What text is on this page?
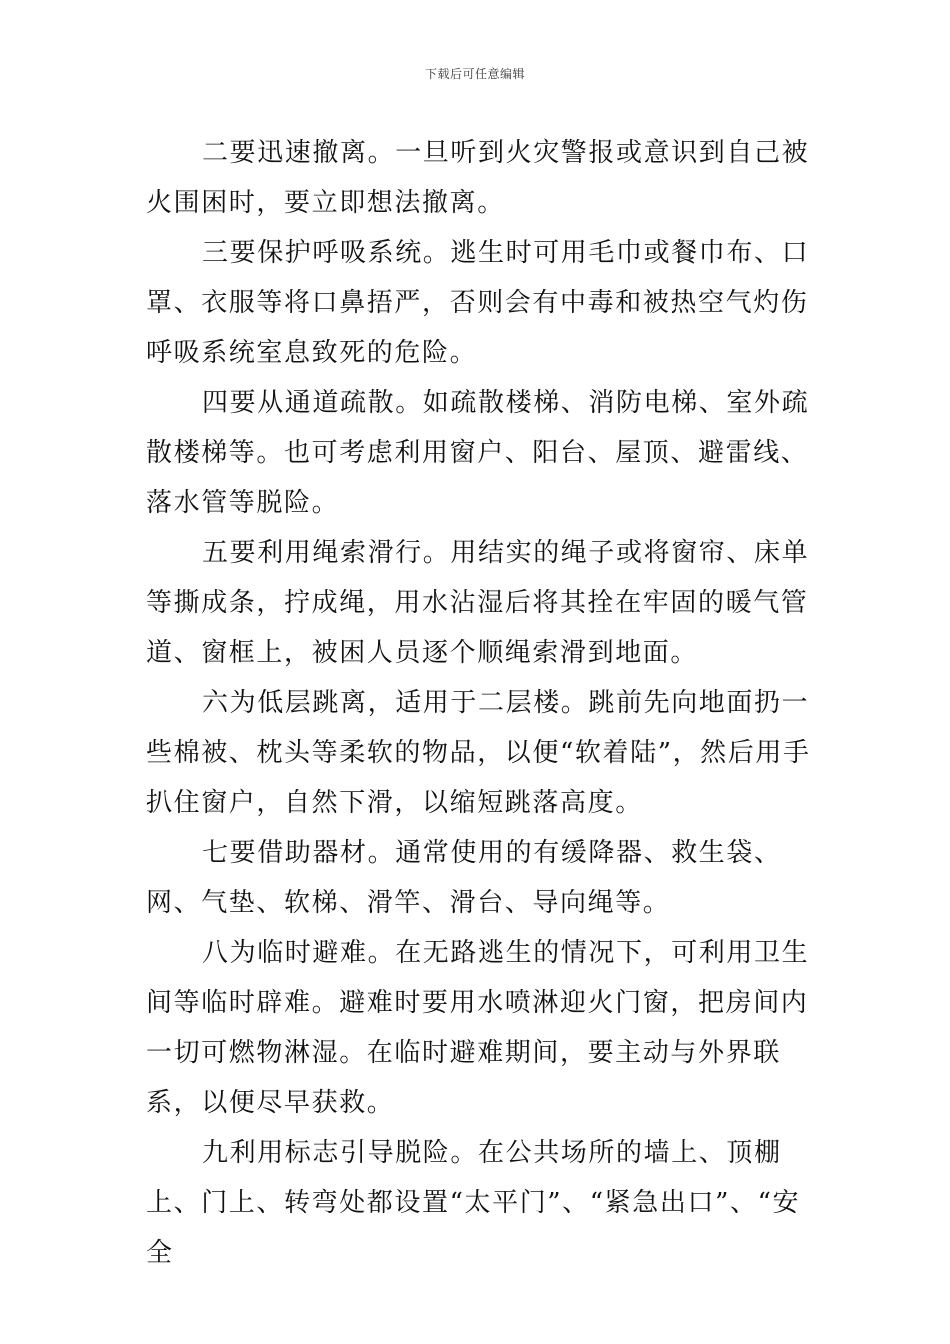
下载后可任意编辑

二要迅速撤离。一旦听到火灾警报或意识到自己被火围困时，要立即想法撤离。

三要保护呼吸系统。逃生时可用毛巾或餐巾布、口罩、衣服等将口鼻捂严，否则会有中毒和被热空气灼伤呼吸系统室息致死的危险。

四要从通道疏散。如疏散楼梯、消防电梯、室外疏散楼梯等。也可考虑利用窗户、阳台、屋顶、避雷线、落水管等脱险。

五要利用绳索滑行。用结实的绳子或将窗帘、床单等撕成条，拧成绳，用水沾湿后将其拴在牢固的暖气管道、窗框上，被困人员逐个顺绳索滑到地面。

六为低层跳离，适用于二层楼。跳前先向地面扔一些棉被、枕头等柔软的物品，以便“软着陆”，然后用手扒住窗户，自然下滑，以缩短跳落高度。

七要借助器材。通常使用的有缓降器、救生袋、网、气垫、软梯、滑竿、滑台、导向绳等。

八为临时避难。在无路逃生的情况下，可利用卫生间等临时辟难。避难时要用水喷淋迎火门窗，把房间内一切可燃物淋湿。在临时避难期间，要主动与外界联系，以便尽早获救。

九利用标志引导脱险。在公共场所的墙上、顶棚上、门上、转弯处都设置“太平门”、“紧急出口”、“安全
